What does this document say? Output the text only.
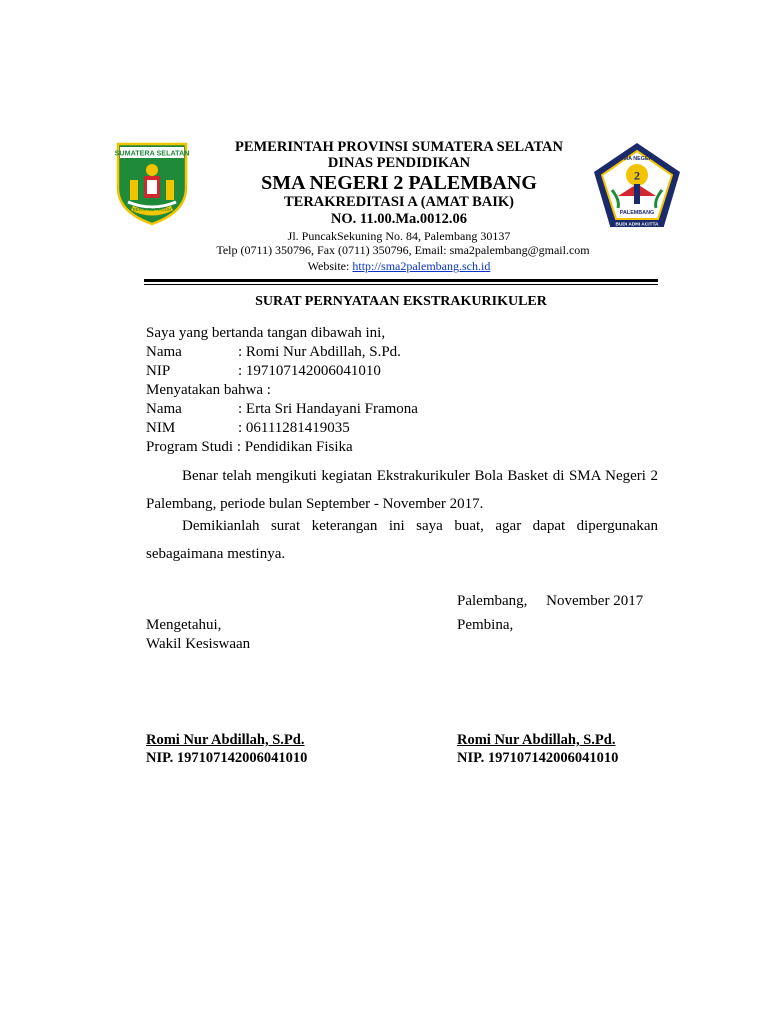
SUMATERA SELATAN
BERSATU TEGUH
SMA NEGERI
2
PALEMBANG
BUDI ADHI ACITTA
PEMERINTAH PROVINSI SUMATERA SELATAN
DINAS PENDIDIKAN
SMA NEGERI 2 PALEMBANG
TERAKREDITASI A (AMAT BAIK)
NO. 11.00.Ma.0012.06
Jl. PuncakSekuning No. 84, Palembang 30137
Telp (0711) 350796, Fax (0711) 350796, Email: sma2palembang@gmail.com
Website: http://sma2palembang.sch.id
SURAT PERNYATAAN EKSTRAKURIKULER
Saya yang bertanda tangan dibawah ini,
Nama	: Romi Nur Abdillah, S.Pd.
NIP	: 197107142006041010
Menyatakan bahwa :
Nama	: Erta Sri Handayani Framona
NIM	: 06111281419035
Program Studi : Pendidikan Fisika
Benar telah mengikuti kegiatan Ekstrakurikuler Bola Basket di SMA Negeri 2 Palembang, periode bulan September - November 2017.
Demikianlah surat keterangan ini saya buat, agar dapat dipergunakan sebagaimana mestinya.
Palembang,     November 2017
Mengetahui,	Pembina,
Wakil Kesiswaan
Romi Nur Abdillah, S.Pd.
NIP. 197107142006041010
Romi Nur Abdillah, S.Pd.
NIP. 197107142006041010
